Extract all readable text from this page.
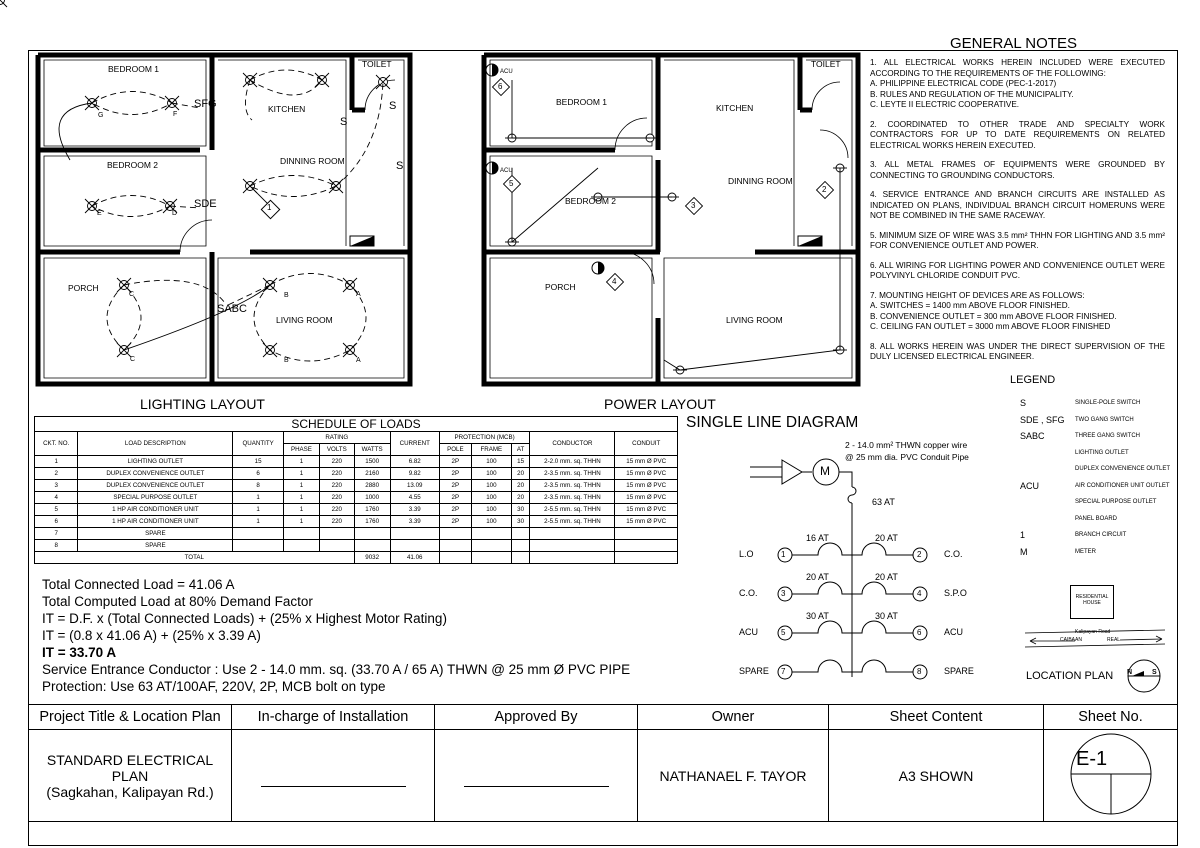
BEDROOM 1	TOILET
KITCHEN
BEDROOM 2	DINNING ROOM
PORCH
LIVING ROOM
SFG
SDE
SABC
S
S
S
G	F
E	D
C
C
B
B
A
A
1
LIGHTING LAYOUT
BEDROOM 1
TOILET
KITCHEN
BEDROOM 2
DINNING ROOM
PORCH
LIVING ROOM
ACU
ACU
6
5
3
2
4
POWER LAYOUT
GENERAL NOTES

1. ALL ELECTRICAL WORKS HEREIN INCLUDED WERE EXECUTED ACCORDING TO THE REQUIREMENTS OF THE FOLLOWING:
A. PHILIPPINE ELECTRICAL CODE (PEC-1-2017)
B. RULES AND REGULATION OF THE MUNICIPALITY.
C. LEYTE II ELECTRIC COOPERATIVE.

2. COORDINATED TO OTHER TRADE AND SPECIALTY WORK CONTRACTORS FOR UP TO DATE REQUIREMENTS ON RELATED ELECTRICAL WORKS HEREIN EXECUTED.

3. ALL METAL FRAMES OF EQUIPMENTS WERE GROUNDED BY CONNECTING TO GROUNDING CONDUCTORS.

4. SERVICE ENTRANCE AND BRANCH CIRCUITS ARE INSTALLED AS INDICATED ON PLANS, INDIVIDUAL BRANCH CIRCUIT HOMERUNS WERE NOT BE COMBINED IN THE SAME RACEWAY.

5. MINIMUM SIZE OF WIRE WAS 3.5 mm² THHN FOR LIGHTING AND 3.5 mm² FOR CONVENIENCE OUTLET AND POWER.

6. ALL WIRING FOR LIGHTING POWER AND CONVENIENCE OUTLET WERE POLYVINYL CHLORIDE CONDUIT PVC.

7. MOUNTING HEIGHT OF DEVICES ARE AS FOLLOWS:
A. SWITCHES = 1400 mm ABOVE FLOOR FINISHED.
B. CONVENIENCE OUTLET = 300 mm ABOVE FLOOR FINISHED.
C. CEILING FAN OUTLET = 3000 mm ABOVE FLOOR FINISHED

8. ALL WORKS HEREIN WAS UNDER THE DIRECT SUPERVISION OF THE DULY LICENSED ELECTRICAL ENGINEER.

SCHEDULE OF LOADS											
CKT. NO.	LOAD DESCRIPTION	QUANTITY	RATING			CURRENT	PROTECTION (MCB)			CONDUCTOR	CONDUIT
			PHASE	VOLTS	WATTS		POLE	FRAME	AT		
1	LIGHTING OUTLET	15	1	220	1500	6.82	2P	100	15	2-2.0 mm. sq. THHN	15 mm Ø PVC
2	DUPLEX CONVENIENCE OUTLET	6	1	220	2160	9.82	2P	100	20	2-3.5 mm. sq. THHN	15 mm Ø PVC
3	DUPLEX CONVENIENCE OUTLET	8	1	220	2880	13.09	2P	100	20	2-3.5 mm. sq. THHN	15 mm Ø PVC
4	SPECIAL PURPOSE OUTLET	1	1	220	1000	4.55	2P	100	20	2-3.5 mm. sq. THHN	15 mm Ø PVC
5	1 HP AIR CONDITIONER UNIT	1	1	220	1760	3.39	2P	100	30	2-5.5 mm. sq. THHN	15 mm Ø PVC
6	1 HP AIR CONDITIONER UNIT	1	1	220	1760	3.39	2P	100	30	2-5.5 mm. sq. THHN	15 mm Ø PVC
7	SPARE										
8	SPARE										
TOTAL					9032	41.06					
Total Connected Load = 41.06 A
Total Computed Load at 80% Demand Factor
IT = D.F. x (Total Connected Loads) + (25% x Highest Motor Rating)
IT = (0.8 x 41.06 A) + (25% x 3.39 A)
IT = 33.70 A
Service Entrance Conductor : Use 2 - 14.0 mm. sq. (33.70 A / 65 A) THWN @ 25 mm Ø PVC PIPE
Protection: Use 63 AT/100AF, 220V, 2P, MCB bolt on type
SINGLE LINE DIAGRAM
2 - 14.0 mm² THWN copper wire
@ 25 mm dia. PVC Conduit Pipe
63 AT
M
L.O	1	2	C.O.
16 AT	20 AT
C.O.	3	4	S.P.O
20 AT	20 AT
ACU	5	6	ACU
30 AT	30 AT
SPARE 7	8	SPARE
LEGEND
S	SINGLE-POLE SWITCH
SDE , SFG TWO GANG SWITCH
SABC	THREE GANG SWITCH
LIGHTING OUTLET
DUPLEX CONVENIENCE OUTLET
ACU	AIR CONDITIONER UNIT OUTLET
SPECIAL PURPOSE OUTLET
PANEL BOARD
1	BRANCH CIRCUIT
M	METER
RESIDENTIAL HOUSE
Kalipayan Road
CAIBAAN	REAL
LOCATION PLAN N	S
Project Title & Location Plan	In-charge of Installation	Approved By	Owner	Sheet Content	Sheet No.

STANDARD ELECTRICAL
PLAN
(Sagkahan, Kalipayan Rd.)			NATHANAEL F. TAYOR	A3 SHOWN	
E-1
